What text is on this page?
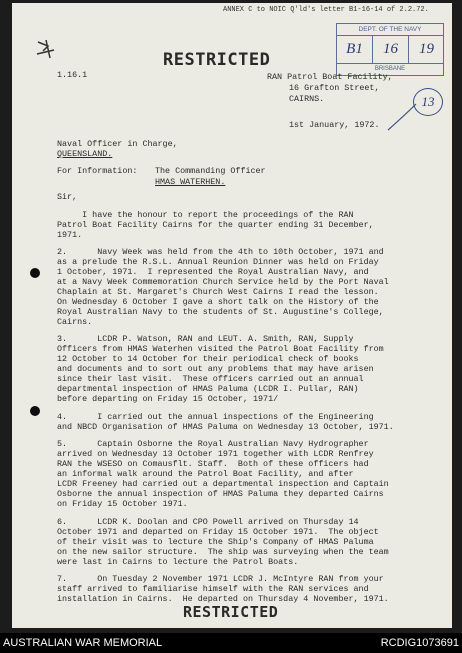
ANNEX C to NOIC Q'ld's letter B1-16-14 of 2.2.72.
RESTRICTED
DEPT. OF THE NAVY
B1	16	19
BRISBANE
13
1.16.1	RAN Patrol Boat Facility,
16 Grafton Street,
CAIRNS.
1st January, 1972.
Naval Officer in Charge,
QUEENSLAND.
For Information: The Commanding Officer
HMAS WATERHEN.
Sir,
I have the honour to report the proceedings of the RAN
Patrol Boat Facility Cairns for the quarter ending 31 December,
1971.
2.      Navy Week was held from the 4th to 10th October, 1971 and
as a prelude the R.S.L. Annual Reunion Dinner was held on Friday
1 October, 1971.  I represented the Royal Australian Navy, and
at a Navy Week Commemoration Church Service held by the Port Naval
Chaplain at St. Margaret's Church West Cairns I read the lesson.
On Wednesday 6 October I gave a short talk on the History of the
Royal Australian Navy to the students of St. Augustine's College,
Cairns.
3.      LCDR P. Watson, RAN and LEUT. A. Smith, RAN, Supply
Officers from HMAS Waterhen visited the Patrol Boat Facility from
12 October to 14 October for their periodical check of books
and documents and to sort out any problems that may have arisen
since their last visit.  These officers carried out an annual
departmental inspection of HMAS Paluma (LCDR I. Pullar, RAN)
before departing on Friday 15 October, 1971/
4.      I carried out the annual inspections of the Engineering
and NBCD Organisation of HMAS Paluma on Wednesday 13 October, 1971.
5.      Captain Osborne the Royal Australian Navy Hydrographer
arrived on Wednesday 13 October 1971 together with LCDR Renfrey
RAN the WSESO on Comausflt. Staff.  Both of these officers had
an informal walk around the Patrol Boat Facility, and after
LCDR Freeney had carried out a departmental inspection and Captain
Osborne the annual inspection of HMAS Paluma they departed Cairns
on Friday 15 October 1971.
6.      LCDR K. Doolan and CPO Powell arrived on Thursday 14
October 1971 and departed on Friday 15 October 1971.  The object
of their visit was to lecture the Ship's Company of HMAS Paluma
on the new sailor structure.  The ship was surveying when the team
were last in Cairns to lecture the Patrol Boats.
7.      On Tuesday 2 November 1971 LCDR J. McIntyre RAN from your
staff arrived to familiarise himself with the RAN services and
installation in Cairns.  He departed on Thursday 4 November, 1971.
RESTRICTED
AUSTRALIAN WAR MEMORIAL	RCDIG1073691
